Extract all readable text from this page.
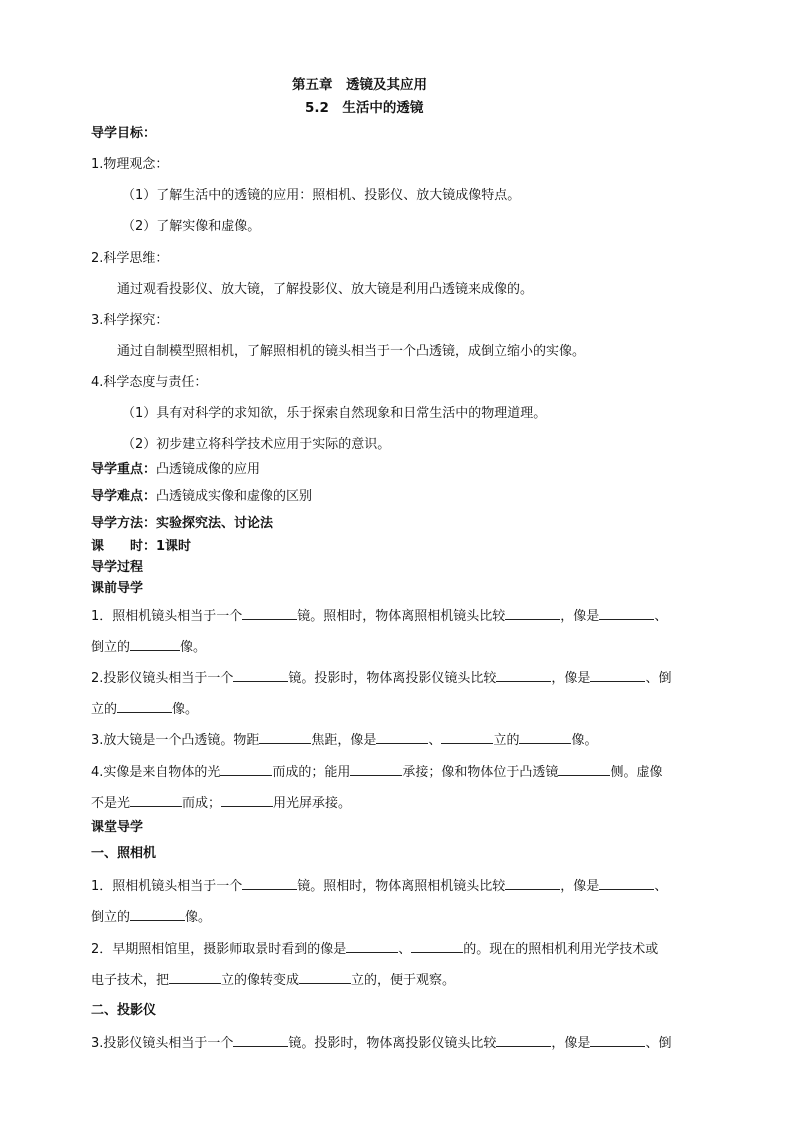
第五章　透镜及其应用
5.2　生活中的透镜
导学目标：
1.物理观念：
（1）了解生活中的透镜的应用：照相机、投影仪、放大镜成像特点。
（2）了解实像和虚像。
2.科学思维：
通过观看投影仪、放大镜，了解投影仪、放大镜是利用凸透镜来成像的。
3.科学探究：
通过自制模型照相机，了解照相机的镜头相当于一个凸透镜，成倒立缩小的实像。
4.科学态度与责任：
（1）具有对科学的求知欲，乐于探索自然现象和日常生活中的物理道理。
（2）初步建立将科学技术应用于实际的意识。
导学重点：凸透镜成像的应用
导学难点：凸透镜成实像和虚像的区别
导学方法：实验探究法、讨论法
课　　时：1课时
导学过程
课前导学
1．照相机镜头相当于一个	镜。照相时，物体离照相机镜头比较	，像是	、
倒立的	像。
2.投影仪镜头相当于一个	镜。投影时，物体离投影仪镜头比较	，像是	、倒
立的	像。
3.放大镜是一个凸透镜。物距	焦距，像是	、	立的	像。
4.实像是来自物体的光	而成的；能用	承接；像和物体位于凸透镜	侧。虚像
不是光	而成；	用光屏承接。
课堂导学
一、照相机
1．照相机镜头相当于一个	镜。照相时，物体离照相机镜头比较	，像是	、
倒立的	像。
2．早期照相馆里，摄影师取景时看到的像是	、	的。现在的照相机利用光学技术或
电子技术，把	立的像转变成	立的，便于观察。
二、投影仪
3.投影仪镜头相当于一个	镜。投影时，物体离投影仪镜头比较	，像是	、倒
